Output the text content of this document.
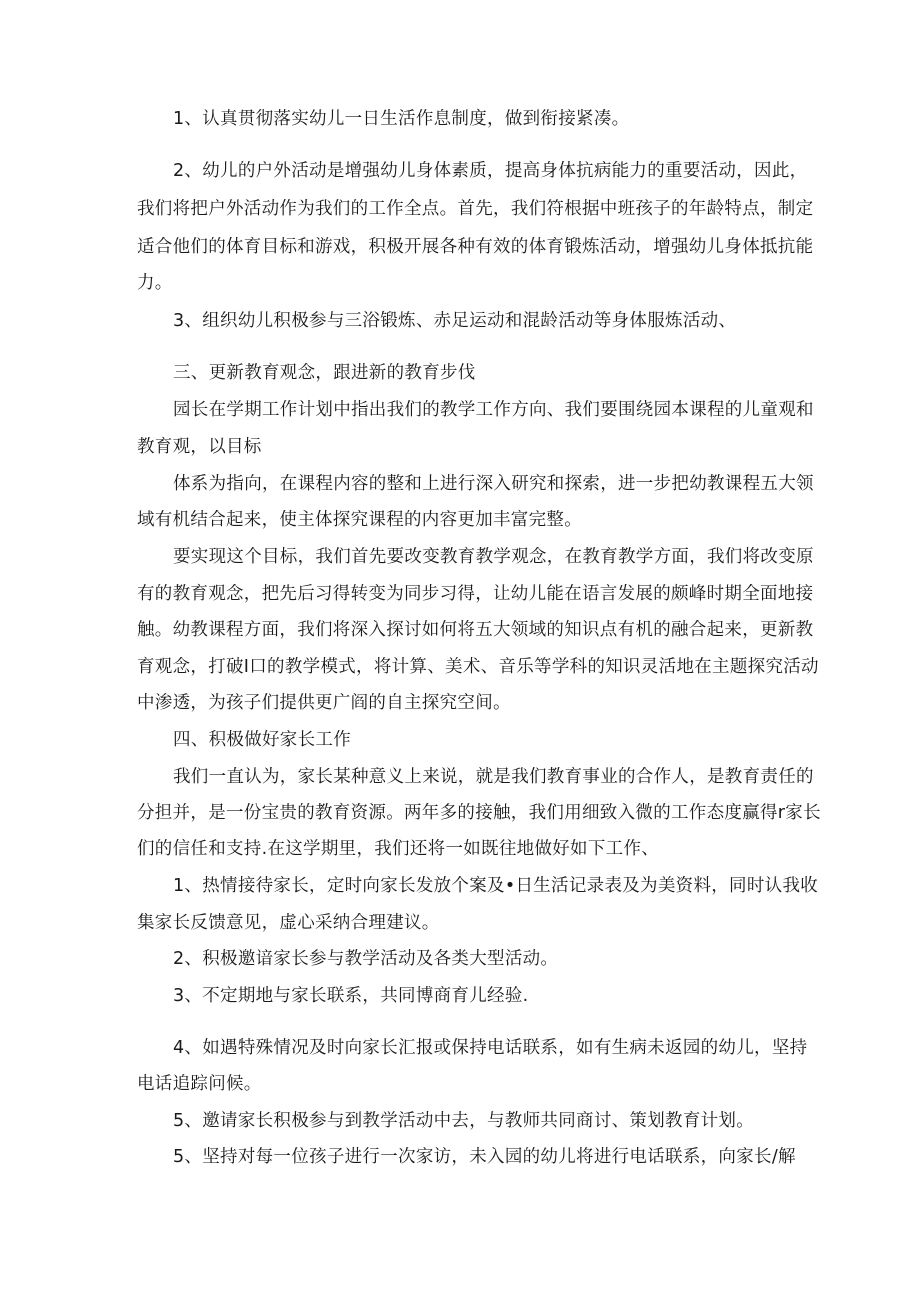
1、认真贯彻落实幼儿一日生活作息制度，做到衔接紧凑。
2、幼儿的户外活动是增强幼儿身体素质，提高身体抗病能力的重要活动，因此，
我们将把户外活动作为我们的工作全点。首先，我们符根据中班孩子的年龄特点，制定
适合他们的体育目标和游戏，积极开展各种有效的体育锻炼活动，增强幼儿身体抵抗能
力。
3、组织幼儿积极参与三浴锻炼、赤足运动和混龄活动等身体服炼活动、
三、更新教育观念，跟进新的教育步伐
园长在学期工作计划中指出我们的教学工作方向、我们要围绕园本课程的儿童观和
教育观，以目标
体系为指向，在课程内容的整和上进行深入研究和探索，进一步把幼教课程五大领
域有机结合起来，使主体探究课程的内容更加丰富完整。
要实现这个目标，我们首先要改变教育教学观念，在教育教学方面，我们将改变原
有的教育观念，把先后习得转变为同步习得，让幼儿能在语言发展的颇峰时期全面地接
触。幼教课程方面，我们将深入探讨如何将五大领域的知识点有机的融合起来，更新教
育观念，打破I口的教学模式，将计算、美术、音乐等学科的知识灵活地在主题探究活动
中渗透，为孩子们提供更广阎的自主探究空间。
四、积极做好家长工作
我们一直认为，家长某种意义上来说，就是我们教育事业的合作人，是教育责任的
分担并，是一份宝贵的教育资源。两年多的接触，我们用细致入微的工作态度赢得r家长
们的信任和支持.在这学期里，我们还将一如既往地做好如下工作、
1、热情接待家长，定时向家长发放个案及•日生活记录表及为美资料，同时认我收
集家长反馈意见，虚心采纳合理建议。
2、积极邀谙家长参与教学活动及各类大型活动。
3、不定期地与家长联系，共同博商育儿经验.
4、如遇特殊情况及时向家长汇报或保持电话联系，如有生病未返园的幼儿，坚持
电话追踪问候。
5、邀请家长积极参与到教学活动中去，与教师共同商讨、策划教育计划。
5、坚持对每一位孩子进行一次家访，未入园的幼儿将进行电话联系，向家长/解
